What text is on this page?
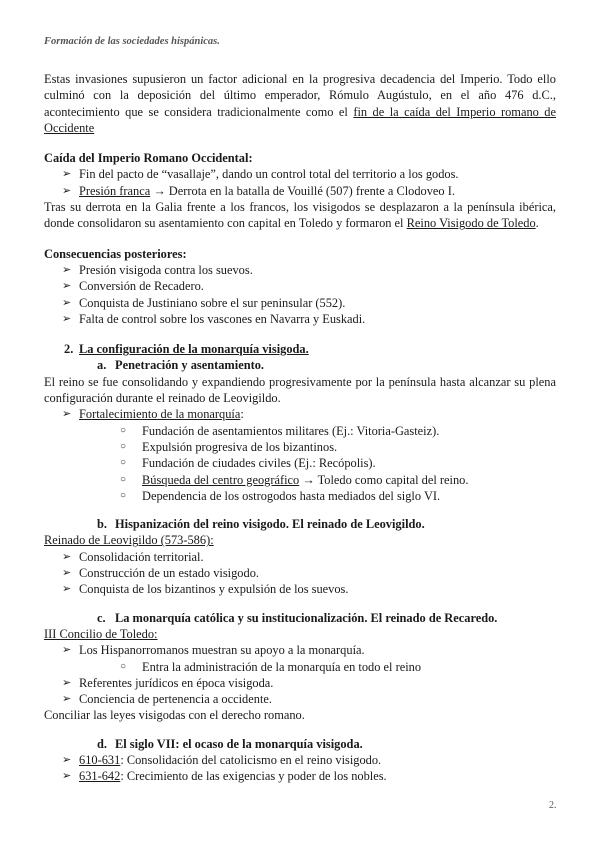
Formación de las sociedades hispánicas.

Estas invasiones supusieron un factor adicional en la progresiva decadencia del Imperio. Todo ello culminó con la deposición del último emperador, Rómulo Augústulo, en el año 476 d.C., acontecimiento que se considera tradicionalmente como el fin de la caída del Imperio romano de Occidente

Caída del Imperio Romano Occidental:

➢ Fin del pacto de “vasallaje”, dando un control total del territorio a los godos.
➢ Presión franca → Derrota en la batalla de Vouillé (507) frente a Clodoveo I.

Tras su derrota en la Galia frente a los francos, los visigodos se desplazaron a la península ibérica, donde consolidaron su asentamiento con capital en Toledo y formaron el Reino Visigodo de Toledo.

Consecuencias posteriores:

➢ Presión visigoda contra los suevos.
➢ Conversión de Recadero.
➢ Conquista de Justiniano sobre el sur peninsular (552).
➢ Falta de control sobre los vascones en Navarra y Euskadi.

2. La configuración de la monarquía visigoda.

a. Penetración y asentamiento.

El reino se fue consolidando y expandiendo progresivamente por la península hasta alcanzar su plena configuración durante el reinado de Leovigildo.

➢ Fortalecimiento de la monarquía:
○ Fundación de asentamientos militares (Ej.: Vitoria-Gasteiz).
○ Expulsión progresiva de los bizantinos.
○ Fundación de ciudades civiles (Ej.: Recópolis).
○ Búsqueda del centro geográfico → Toledo como capital del reino.
○ Dependencia de los ostrogodos hasta mediados del siglo VI.

b. Hispanización del reino visigodo. El reinado de Leovigildo.

Reinado de Leovigildo (573-586):

➢ Consolidación territorial.
➢ Construcción de un estado visigodo.
➢ Conquista de los bizantinos y expulsión de los suevos.

c. La monarquía católica y su institucionalización. El reinado de Recaredo.

III Concilio de Toledo:

➢ Los Hispanorromanos muestran su apoyo a la monarquía.
○ Entra la administración de la monarquía en todo el reino
➢ Referentes jurídicos en época visigoda.
➢ Conciencia de pertenencia a occidente.

Conciliar las leyes visigodas con el derecho romano.

d. El siglo VII: el ocaso de la monarquía visigoda.

➢ 610-631: Consolidación del catolicismo en el reino visigodo.
➢ 631-642: Crecimiento de las exigencias y poder de los nobles.
2.
